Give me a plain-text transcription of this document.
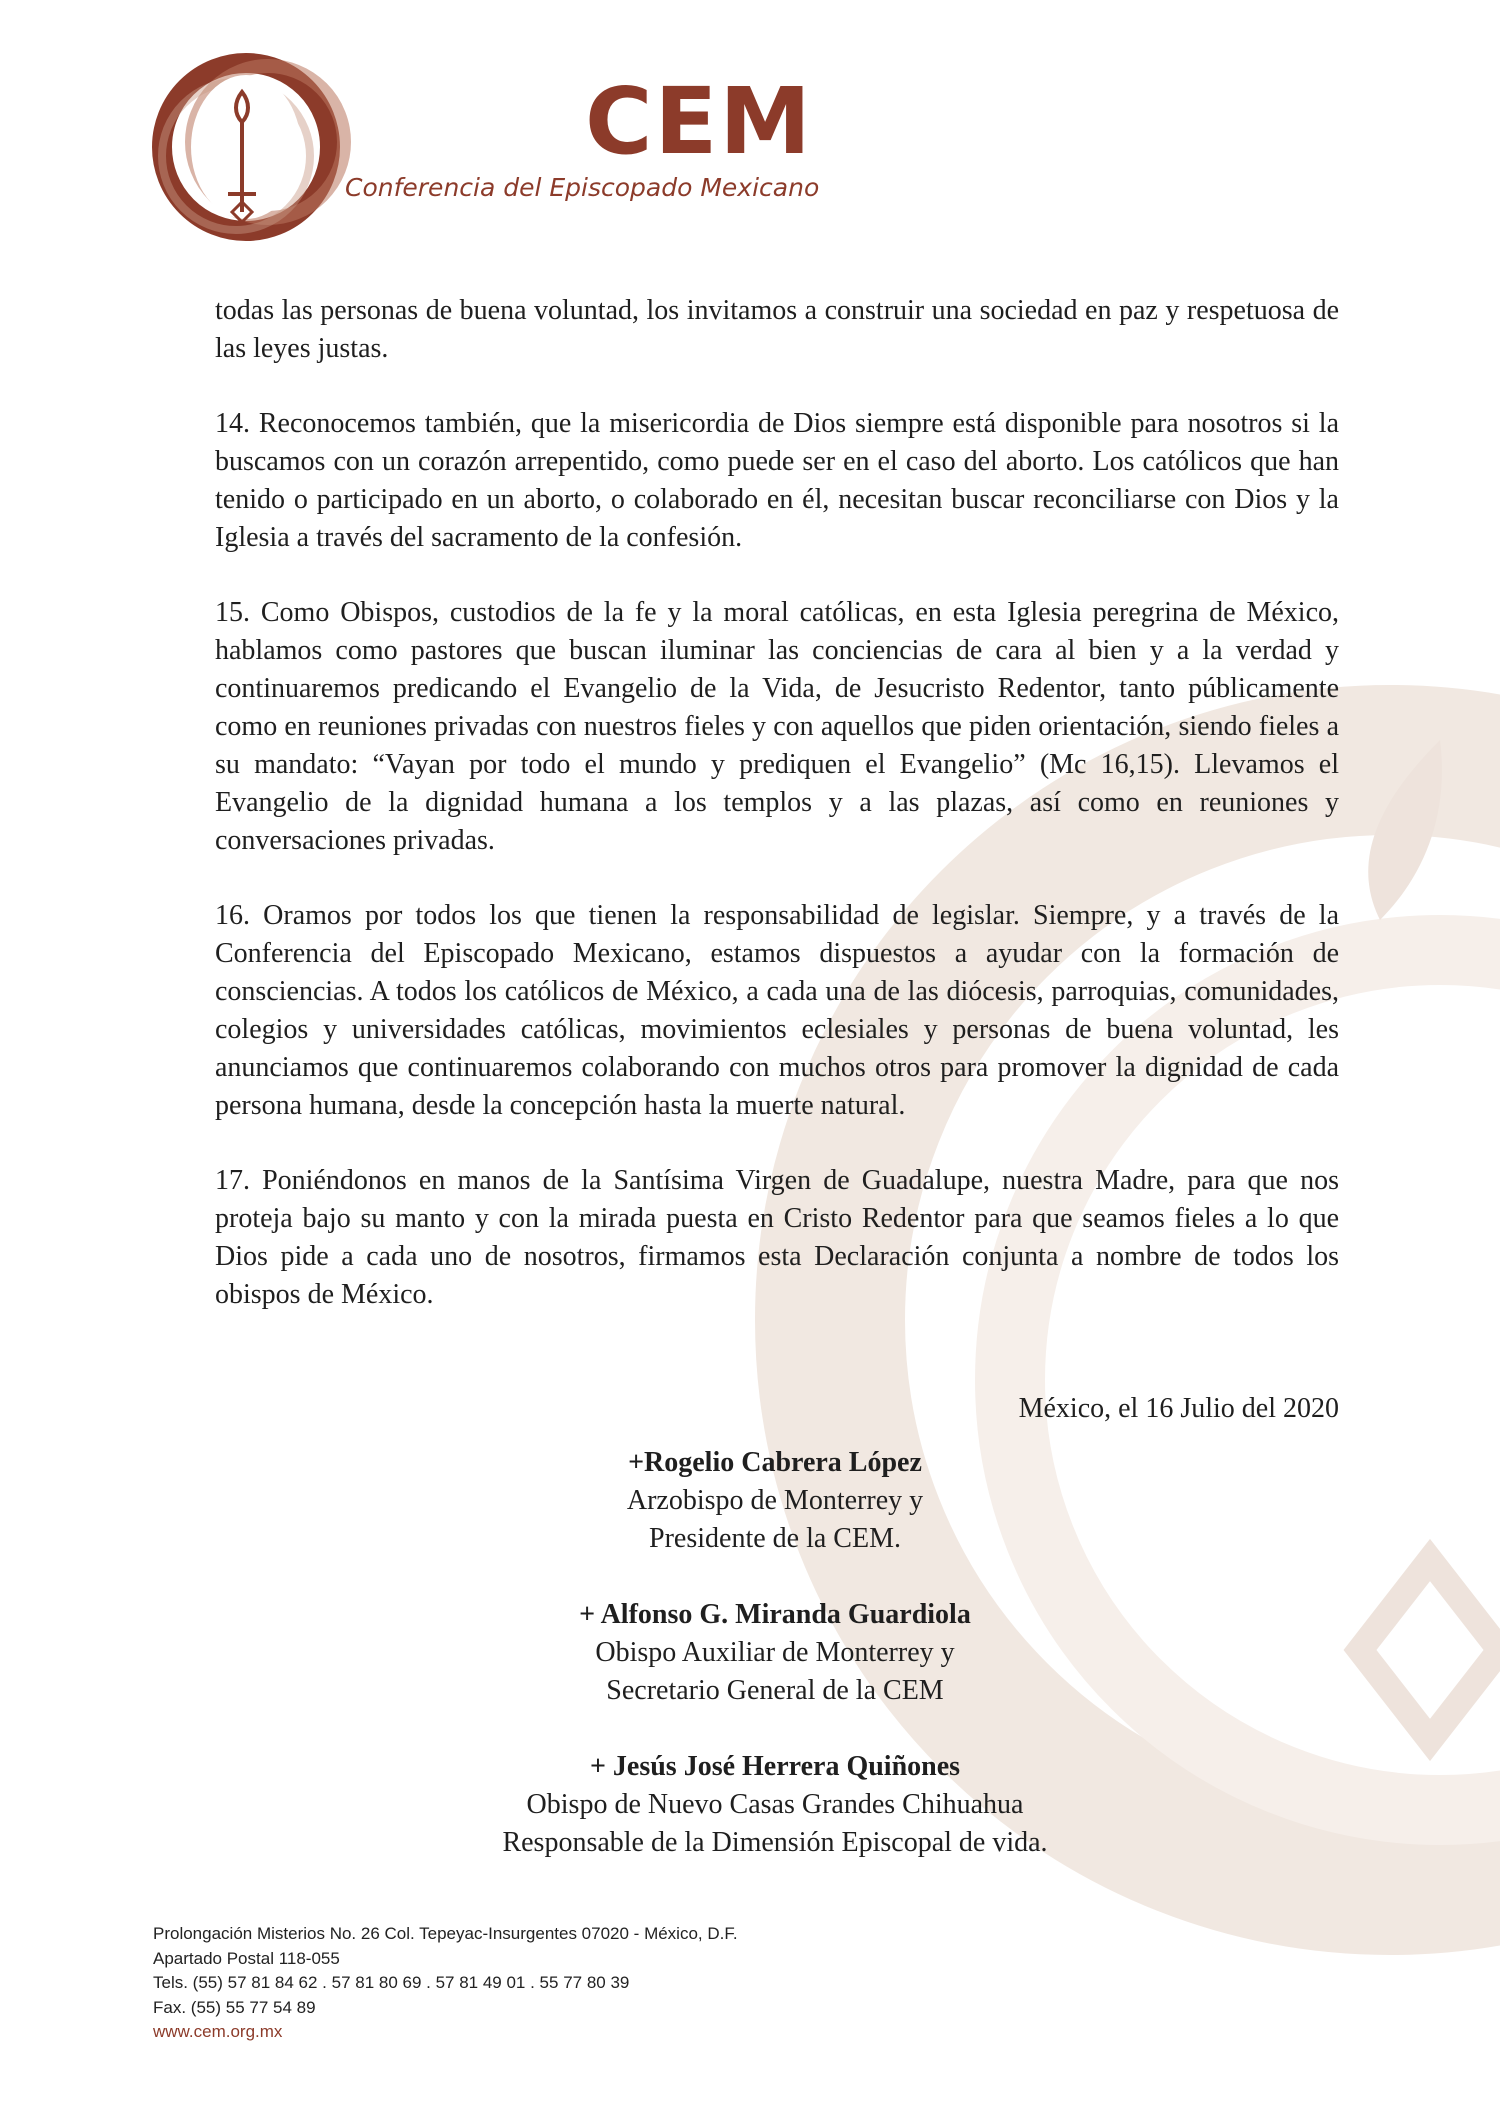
CEM
Conferencia del Episcopado Mexicano

todas las personas de buena voluntad, los invitamos a construir una sociedad en paz y respetuosa de las leyes justas.

14. Reconocemos también, que la misericordia de Dios siempre está disponible para nosotros si la buscamos con un corazón arrepentido, como puede ser en el caso del aborto. Los católicos que han tenido o participado en un aborto, o colaborado en él, necesitan buscar reconciliarse con Dios y la Iglesia a través del sacramento de la confesión.

15. Como Obispos, custodios de la fe y la moral católicas, en esta Iglesia peregrina de México, hablamos como pastores que buscan iluminar las conciencias de cara al bien y a la verdad y continuaremos predicando el Evangelio de la Vida, de Jesucristo Redentor, tanto públicamente como en reuniones privadas con nuestros fieles y con aquellos que piden orientación, siendo fieles a su mandato: “Vayan por todo el mundo y prediquen el Evangelio” (Mc 16,15). Llevamos el Evangelio de la dignidad humana a los templos y a las plazas, así como en reuniones y conversaciones privadas.

16. Oramos por todos los que tienen la responsabilidad de legislar. Siempre, y a través de la Conferencia del Episcopado Mexicano, estamos dispuestos a ayudar con la formación de consciencias. A todos los católicos de México, a cada una de las diócesis, parroquias, comunidades, colegios y universidades católicas, movimientos eclesiales y personas de buena voluntad, les anunciamos que continuaremos colaborando con muchos otros para promover la dignidad de cada persona humana, desde la concepción hasta la muerte natural.

17. Poniéndonos en manos de la Santísima Virgen de Guadalupe, nuestra Madre, para que nos proteja bajo su manto y con la mirada puesta en Cristo Redentor para que seamos fieles a lo que Dios pide a cada uno de nosotros, firmamos esta Declaración conjunta a nombre de todos los obispos de México.

México, el 16 Julio del 2020
+Rogelio Cabrera López
Arzobispo de Monterrey y
Presidente de la CEM.
+ Alfonso G. Miranda Guardiola
Obispo Auxiliar de Monterrey y
Secretario General de la CEM
+ Jesús José Herrera Quiñones
Obispo de Nuevo Casas Grandes Chihuahua
Responsable de la Dimensión Episcopal de vida.
Prolongación Misterios No. 26 Col. Tepeyac-Insurgentes 07020 - México, D.F.
Apartado Postal 118-055
Tels. (55) 57 81 84 62 . 57 81 80 69 . 57 81 49 01 . 55 77 80 39
Fax. (55) 55 77 54 89
www.cem.org.mx
